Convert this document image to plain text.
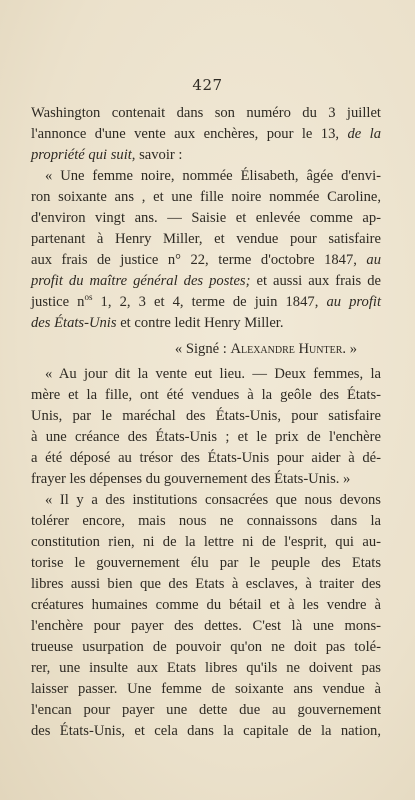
427
Washington contenait dans son numéro du 3 juillet
l'annonce d'une vente aux enchères, pour le 13, de la
propriété qui suit, savoir :
« Une femme noire, nommée Élisabeth, âgée d'envi-
ron soixante ans , et une fille noire nommée Caroline,
d'environ vingt ans. — Saisie et enlevée comme ap-
partenant à Henry Miller, et vendue pour satisfaire
aux frais de justice n° 22, terme d'octobre 1847, au
profit du maître général des postes; et aussi aux frais de
justice $n^{os}$ 1, 2, 3 et 4, terme de juin 1847, au profit
des États-Unis et contre ledit Henry Miller.
« Signé : Alexandre Hunter. »
« Au jour dit la vente eut lieu. — Deux femmes, la
mère et la fille, ont été vendues à la geôle des États-
Unis, par le maréchal des États-Unis, pour satisfaire
à une créance des États-Unis ; et le prix de l'enchère
a été déposé au trésor des États-Unis pour aider à dé-
frayer les dépenses du gouvernement des États-Unis. »
« Il y a des institutions consacrées que nous devons
tolérer encore, mais nous ne connaissons dans la
constitution rien, ni de la lettre ni de l'esprit, qui au-
torise le gouvernement élu par le peuple des Etats
libres aussi bien que des Etats à esclaves, à traiter des
créatures humaines comme du bétail et à les vendre à
l'enchère pour payer des dettes. C'est là une mons-
trueuse usurpation de pouvoir qu'on ne doit pas tolé-
rer, une insulte aux Etats libres qu'ils ne doivent pas
laisser passer. Une femme de soixante ans vendue à
l'encan pour payer une dette due au gouvernement
des États-Unis, et cela dans la capitale de la nation,
